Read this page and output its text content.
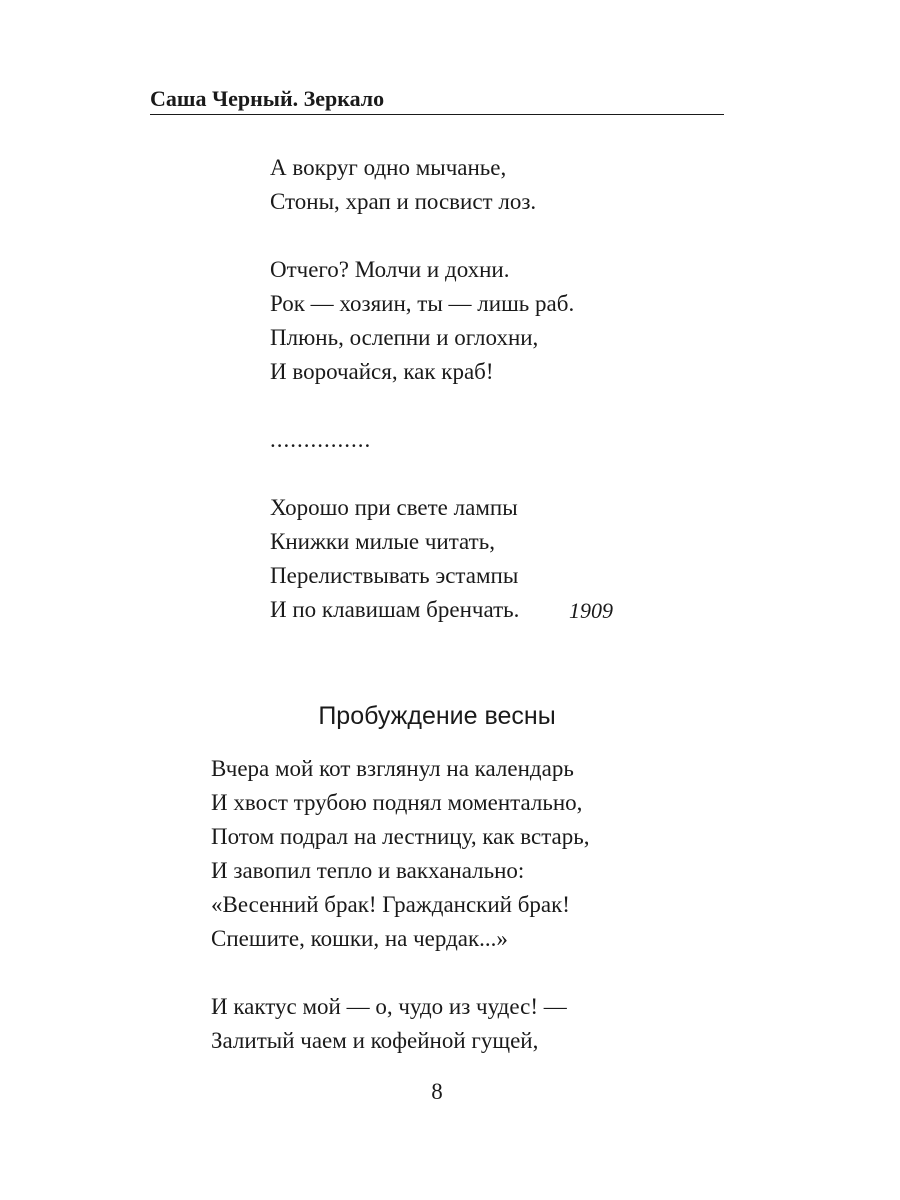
Саша Черный. Зеркало
А вокруг одно мычанье,
Стоны, храп и посвист лоз.
Отчего? Молчи и дохни.
Рок — хозяин, ты — лишь раб.
Плюнь, ослепни и оглохни,
И ворочайся, как краб!
...............
Хорошо при свете лампы
Книжки милые читать,
Перелиствывать эстампы
И по клавишам бренчать.	1909
Пробуждение весны
Вчера мой кот взглянул на календарь
И хвост трубою поднял моментально,
Потом подрал на лестницу, как встарь,
И завопил тепло и вакханально:
«Весенний брак! Гражданский брак!
Спешите, кошки, на чердак...»
И кактус мой — о, чудо из чудес! —
Залитый чаем и кофейной гущей,
8
